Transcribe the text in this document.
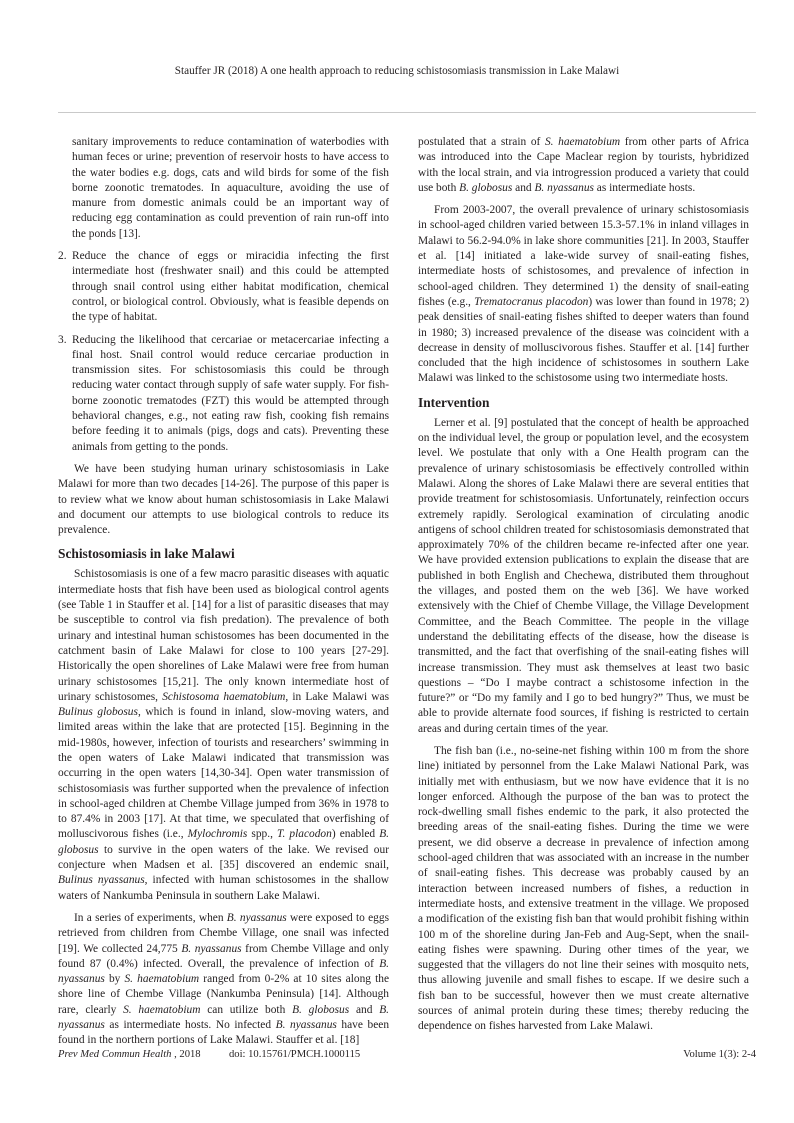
Stauffer JR (2018) A one health approach to reducing schistosomiasis transmission in Lake Malawi

sanitary improvements to reduce contamination of waterbodies with human feces or urine; prevention of reservoir hosts to have access to the water bodies e.g. dogs, cats and wild birds for some of the fish borne zoonotic trematodes. In aquaculture, avoiding the use of manure from domestic animals could be an important way of reducing egg contamination as could prevention of rain run-off into the ponds [13].

2. Reduce the chance of eggs or miracidia infecting the first intermediate host (freshwater snail) and this could be attempted through snail control using either habitat modification, chemical control, or biological control. Obviously, what is feasible depends on the type of habitat.
3. Reducing the likelihood that cercariae or metacercariae infecting a final host. Snail control would reduce cercariae production in transmission sites. For schistosomiasis this could be through reducing water contact through supply of safe water supply. For fish-borne zoonotic trematodes (FZT) this would be attempted through behavioral changes, e.g., not eating raw fish, cooking fish remains before feeding it to animals (pigs, dogs and cats). Preventing these animals from getting to the ponds.

We have been studying human urinary schistosomiasis in Lake Malawi for more than two decades [14-26]. The purpose of this paper is to review what we know about human schistosomiasis in Lake Malawi and document our attempts to use biological controls to reduce its prevalence.

Schistosomiasis in lake Malawi

Schistosomiasis is one of a few macro parasitic diseases with aquatic intermediate hosts that fish have been used as biological control agents (see Table 1 in Stauffer et al. [14] for a list of parasitic diseases that may be susceptible to control via fish predation). The prevalence of both urinary and intestinal human schistosomes has been documented in the catchment basin of Lake Malawi for close to 100 years [27-29]. Historically the open shorelines of Lake Malawi were free from human urinary schistosomes [15,21]. The only known intermediate host of urinary schistosomes, Schistosoma haematobium, in Lake Malawi was Bulinus globosus, which is found in inland, slow-moving waters, and limited areas within the lake that are protected [15]. Beginning in the mid-1980s, however, infection of tourists and researchers’ swimming in the open waters of Lake Malawi indicated that transmission was occurring in the open waters [14,30-34]. Open water transmission of schistosomiasis was further supported when the prevalence of infection in school-aged children at Chembe Village jumped from 36% in 1978 to to 87.4% in 2003 [17]. At that time, we speculated that overfishing of molluscivorous fishes (i.e., Mylochromis spp., T. placodon) enabled B. globosus to survive in the open waters of the lake. We revised our conjecture when Madsen et al. [35] discovered an endemic snail, Bulinus nyassanus, infected with human schistosomes in the shallow waters of Nankumba Peninsula in southern Lake Malawi.

In a series of experiments, when B. nyassanus were exposed to eggs retrieved from children from Chembe Village, one snail was infected [19]. We collected 24,775 B. nyassanus from Chembe Village and only found 87 (0.4%) infected. Overall, the prevalence of infection of B. nyassanus by S. haematobium ranged from 0-2% at 10 sites along the shore line of Chembe Village (Nankumba Peninsula) [14]. Although rare, clearly S. haematobium can utilize both B. globosus and B. nyassanus as intermediate hosts. No infected B. nyassanus have been found in the northern portions of Lake Malawi. Stauffer et al. [18]

postulated that a strain of S. haematobium from other parts of Africa was introduced into the Cape Maclear region by tourists, hybridized with the local strain, and via introgression produced a variety that could use both B. globosus and B. nyassanus as intermediate hosts.

From 2003-2007, the overall prevalence of urinary schistosomiasis in school-aged children varied between 15.3-57.1% in inland villages in Malawi to 56.2-94.0% in lake shore communities [21]. In 2003, Stauffer et al. [14] initiated a lake-wide survey of snail-eating fishes, intermediate hosts of schistosomes, and prevalence of infection in school-aged children. They determined 1) the density of snail-eating fishes (e.g., Trematocranus placodon) was lower than found in 1978; 2) peak densities of snail-eating fishes shifted to deeper waters than found in 1980; 3) increased prevalence of the disease was coincident with a decrease in density of molluscivorous fishes. Stauffer et al. [14] further concluded that the high incidence of schistosomes in southern Lake Malawi was linked to the schistosome using two intermediate hosts.

Intervention

Lerner et al. [9] postulated that the concept of health be approached on the individual level, the group or population level, and the ecosystem level. We postulate that only with a One Health program can the prevalence of urinary schistosomiasis be effectively controlled within Malawi. Along the shores of Lake Malawi there are several entities that provide treatment for schistosomiasis. Unfortunately, reinfection occurs extremely rapidly. Serological examination of circulating anodic antigens of school children treated for schistosomiasis demonstrated that approximately 70% of the children became re-infected after one year. We have provided extension publications to explain the disease that are published in both English and Chechewa, distributed them throughout the villages, and posted them on the web [36]. We have worked extensively with the Chief of Chembe Village, the Village Development Committee, and the Beach Committee. The people in the village understand the debilitating effects of the disease, how the disease is transmitted, and the fact that overfishing of the snail-eating fishes will increase transmission. They must ask themselves at least two basic questions – “Do I maybe contract a schistosome infection in the future?” or “Do my family and I go to bed hungry?” Thus, we must be able to provide alternate food sources, if fishing is restricted to certain areas and during certain times of the year.

The fish ban (i.e., no-seine-net fishing within 100 m from the shore line) initiated by personnel from the Lake Malawi National Park, was initially met with enthusiasm, but we now have evidence that it is no longer enforced. Although the purpose of the ban was to protect the rock-dwelling small fishes endemic to the park, it also protected the breeding areas of the snail-eating fishes. During the time we were present, we did observe a decrease in prevalence of infection among school-aged children that was associated with an increase in the number of snail-eating fishes. This decrease was probably caused by an interaction between increased numbers of fishes, a reduction in intermediate hosts, and extensive treatment in the village. We proposed a modification of the existing fish ban that would prohibit fishing within 100 m of the shoreline during Jan-Feb and Aug-Sept, when the snail-eating fishes were spawning. During other times of the year, we suggested that the villagers do not line their seines with mosquito nets, thus allowing juvenile and small fishes to escape. If we desire such a fish ban to be successful, however then we must create alternative sources of animal protein during these times; thereby reducing the dependence on fishes harvested from Lake Malawi.

Prev Med Commun Health , 2018	doi: 10.15761/PMCH.1000115	Volume 1(3): 2-4
